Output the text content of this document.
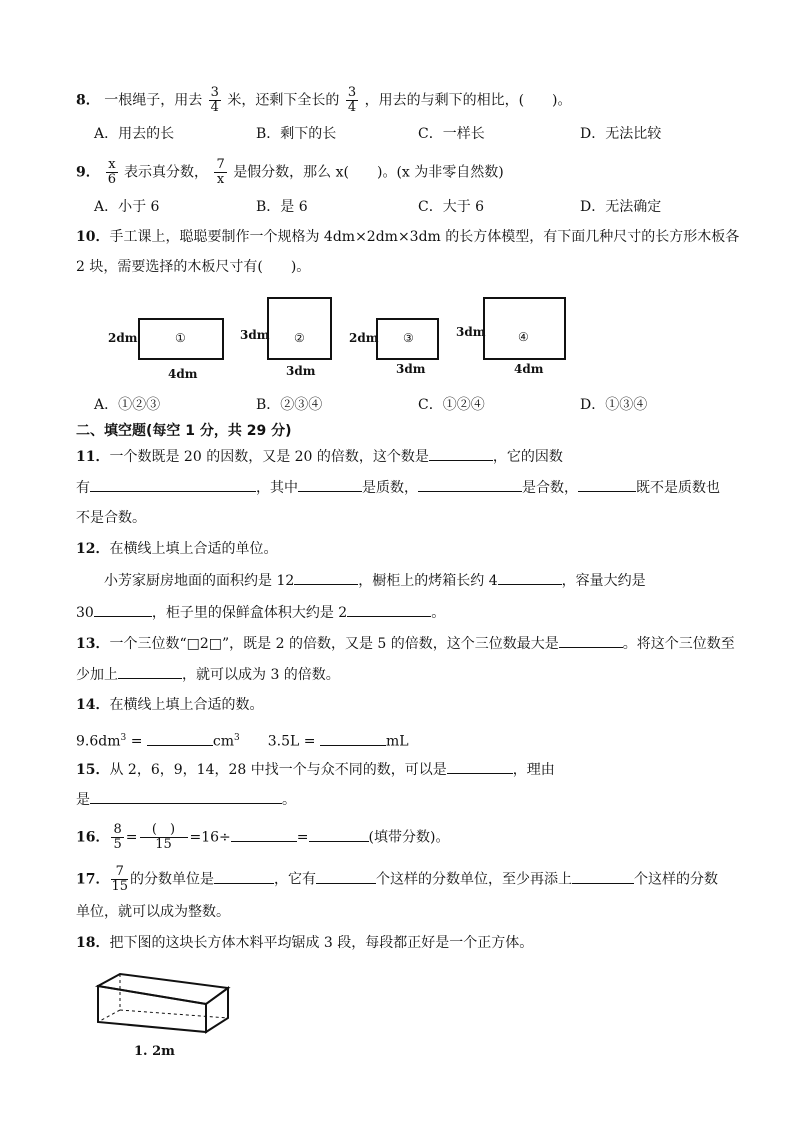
8． 一根绳子，用去 $\frac{3}{4}$ 米，还剩下全长的 $\frac{3}{4}$ ，用去的与剩下的相比，(　　)。
A．用去的长	B．剩下的长	C．一样长	D．无法比较
9． $\frac{x}{6}$ 表示真分数， $\frac{7}{x}$ 是假分数，那么 x(　　)。(x 为非零自然数)
A．小于 6	B．是 6	C．大于 6	D．无法确定
10．手工课上，聪聪要制作一个规格为 4dm×2dm×3dm 的长方体模型，有下面几种尺寸的长方形木板各
2 块，需要选择的木板尺寸有(　　)。
2dm	①
4dm
3dm ②
3dm
2dm ③
3dm
3dm	④
4dm
A．①②③	B．②③④	C．①②④	D．①③④
二、填空题(每空 1 分，共 29 分)
11．一个数既是 20 的因数，又是 20 的倍数，这个数是	，它的因数
有	，其中	是质数，	是合数，	既不是质数也
不是合数。
12．在横线上填上合适的单位。
小芳家厨房地面的面积约是 12	，橱柜上的烤箱长约 4	，容量大约是
30	，柜子里的保鲜盒体积大约是 2	。
13．一个三位数“□2□”，既是 2 的倍数，又是 5 的倍数，这个三位数最大是	。将这个三位数至
少加上	，就可以成为 3 的倍数。
14．在横线上填上合适的数。
$9.6dm^3$ =	$cm^3$ 3.5L =	mL
15．从 2，6，9，14，28 中找一个与众不同的数，可以是	，理由
是	。
16． $\frac{8}{5} = \frac{( )}{15} =16\div$	=	(填带分数)。
17． $\frac{7}{15}$ 的分数单位是	，它有	个这样的分数单位，至少再添上	个这样的分数
单位，就可以成为整数。
18．把下图的这块长方体木料平均锯成 3 段，每段都正好是一个正方体。
1. 2m
